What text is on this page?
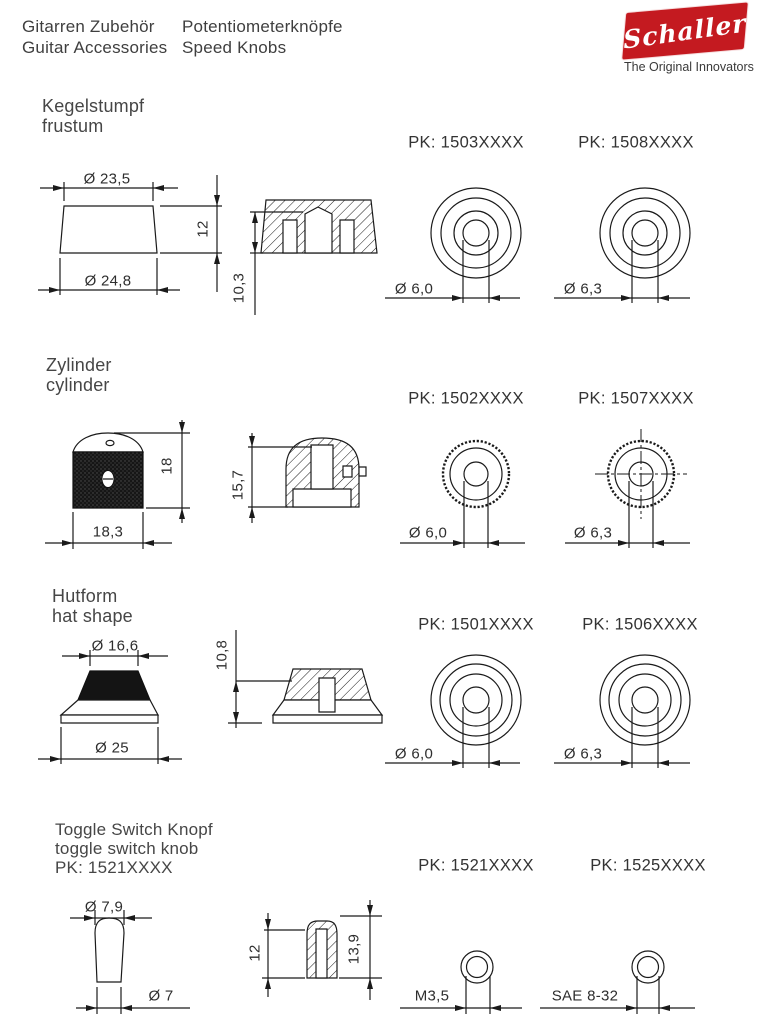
Gitarren Zubehör
Guitar Accessories
Potentiometerknöpfe
Speed Knobs	Schaller
The Original Innovators
Kegelstumpf
frustum
PK: 1503XXXX	PK: 1508XXXX
Ø 23,5
Ø 24,8
12
10,3	Ø 6,0	Ø 6,3
Zylinder
cylinder
PK: 1502XXXX	PK: 1507XXXX
18,3
18
15,7
Ø 6,0	Ø 6,3
Hutform
hat shape	PK: 1501XXXX	PK: 1506XXXX
Ø 16,6
Ø 25
10,8
Ø 6,0	Ø 6,3
Toggle Switch Knopf
toggle switch knob
PK: 1521XXXX	PK: 1521XXXX	PK: 1525XXXX
Ø 7,9
Ø 7
12	13,9
M3,5	SAE 8-32
